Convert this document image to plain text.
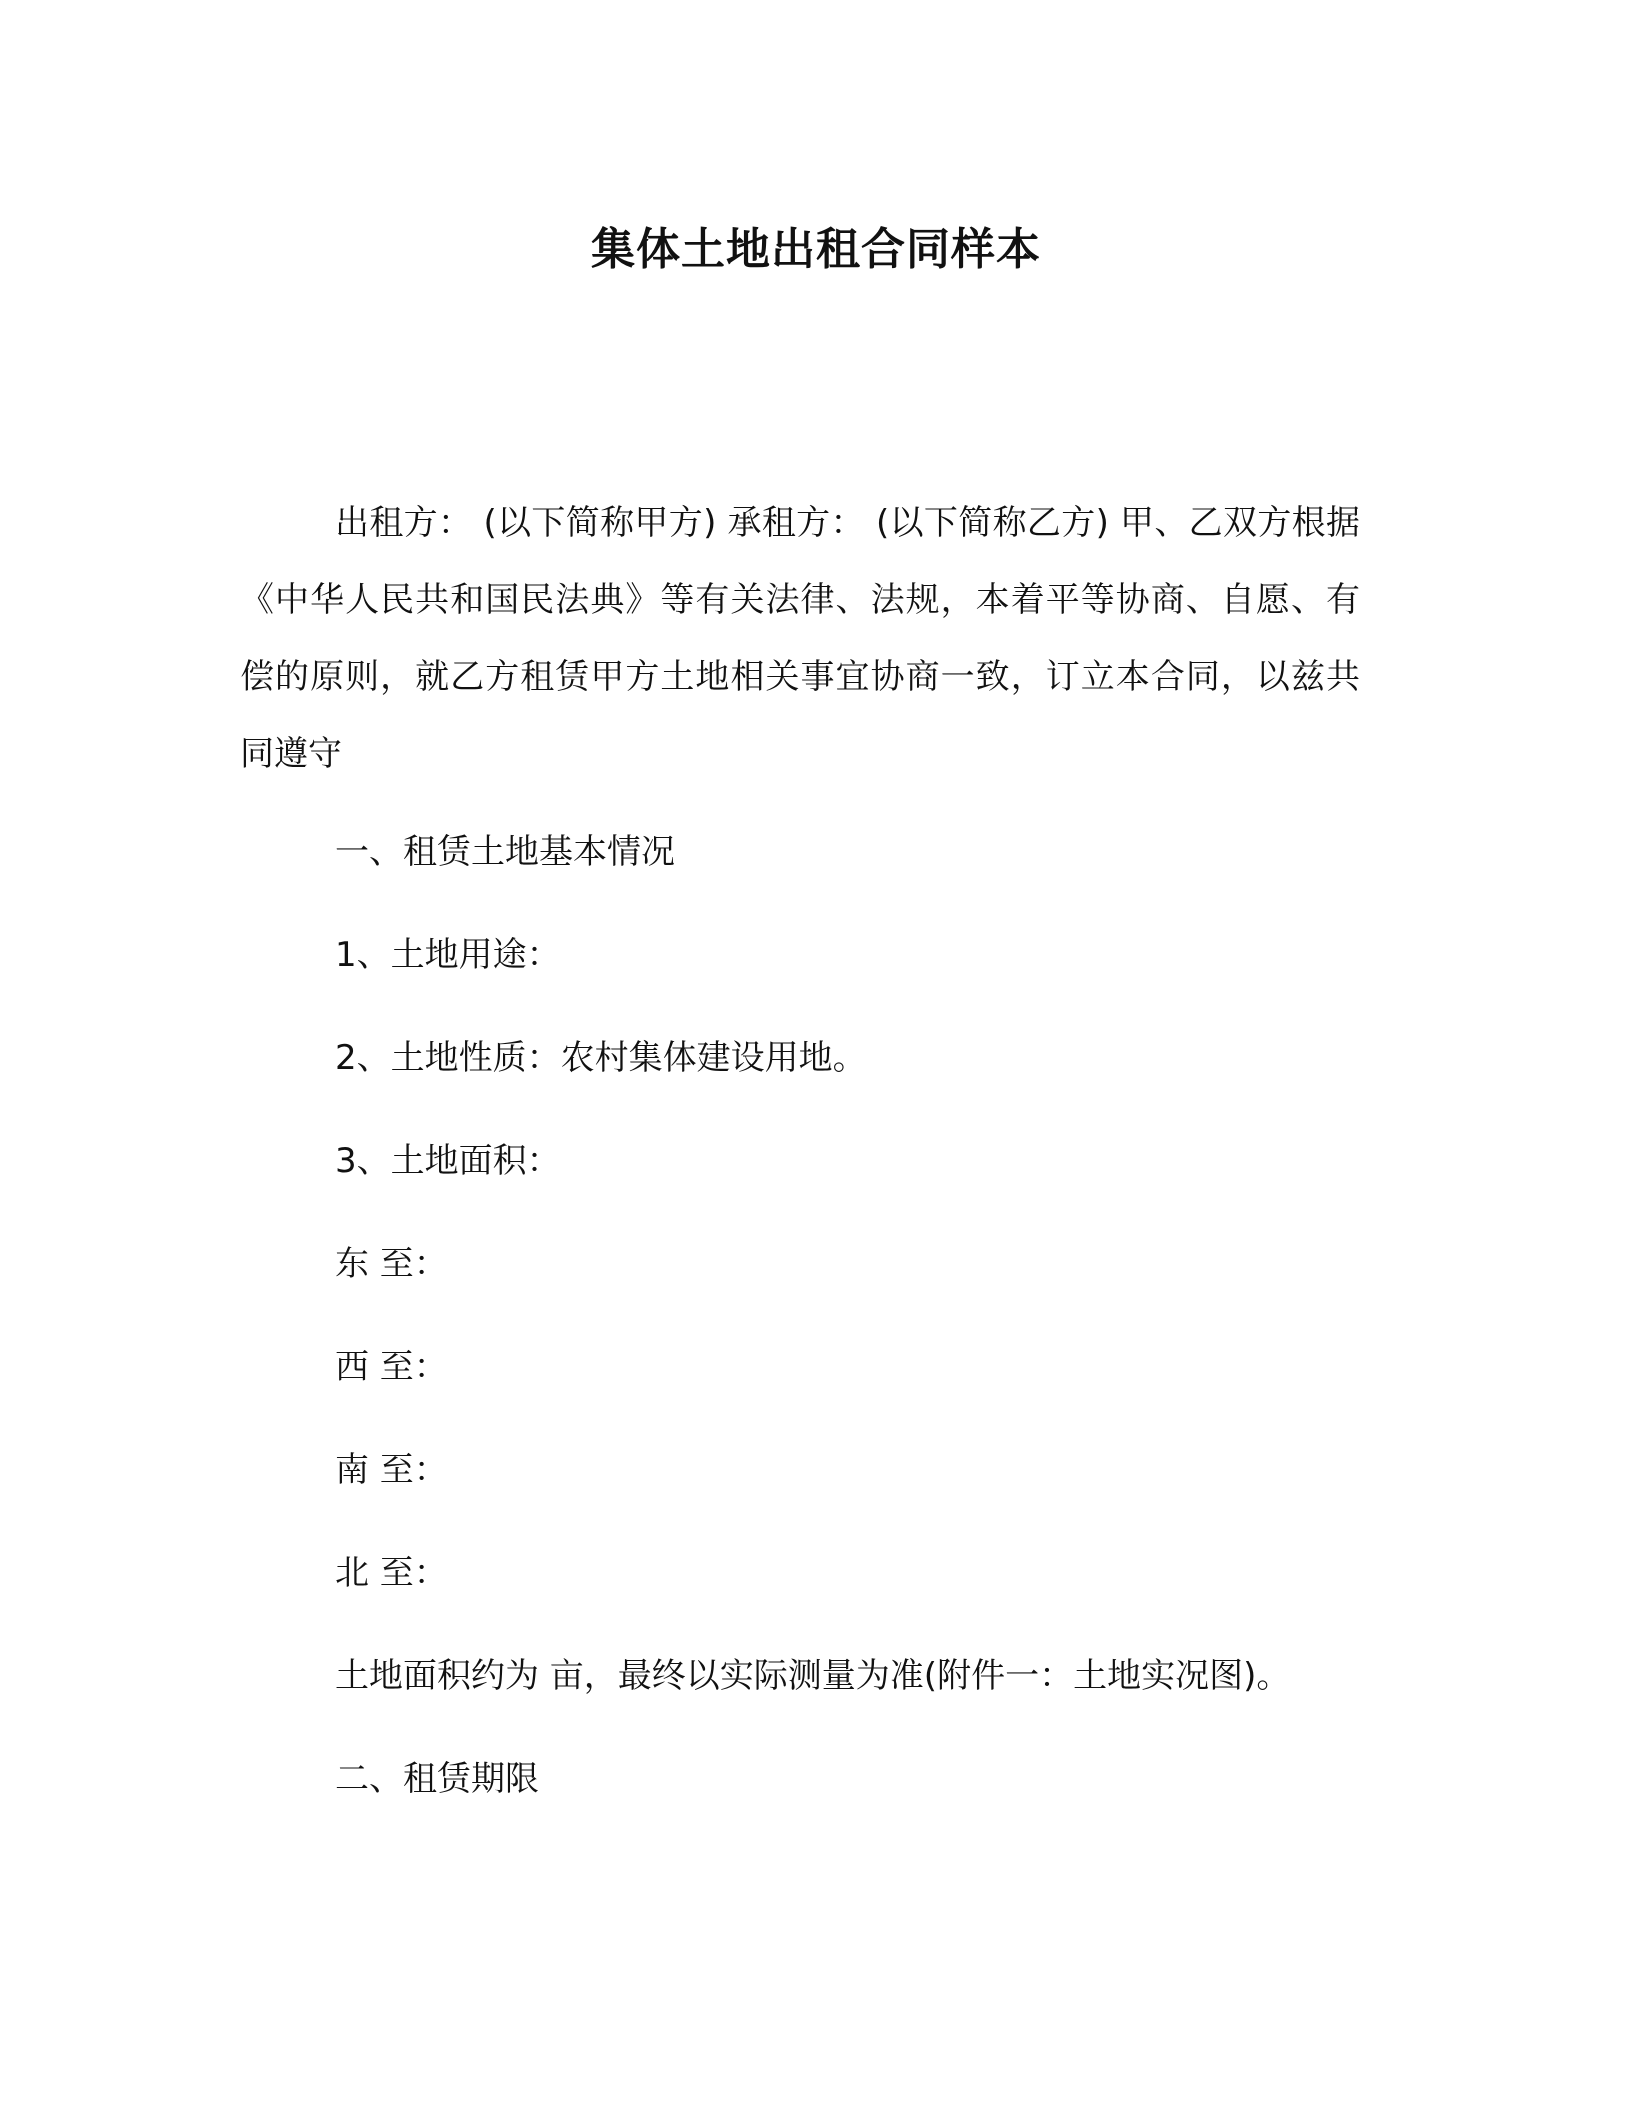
集体土地出租合同样本

出租方： (以下简称甲方) 承租方： (以下简称乙方) 甲、乙双方根据《中华人民共和国民法典》等有关法律、法规，本着平等协商、自愿、有偿的原则，就乙方租赁甲方土地相关事宜协商一致，订立本合同，以兹共同遵守

一、租赁土地基本情况
1、土地用途：
2、土地性质：农村集体建设用地。
3、土地面积：
东 至：
西 至：
南 至：
北 至：
土地面积约为 亩，最终以实际测量为准(附件一：土地实况图)。
二、租赁期限
